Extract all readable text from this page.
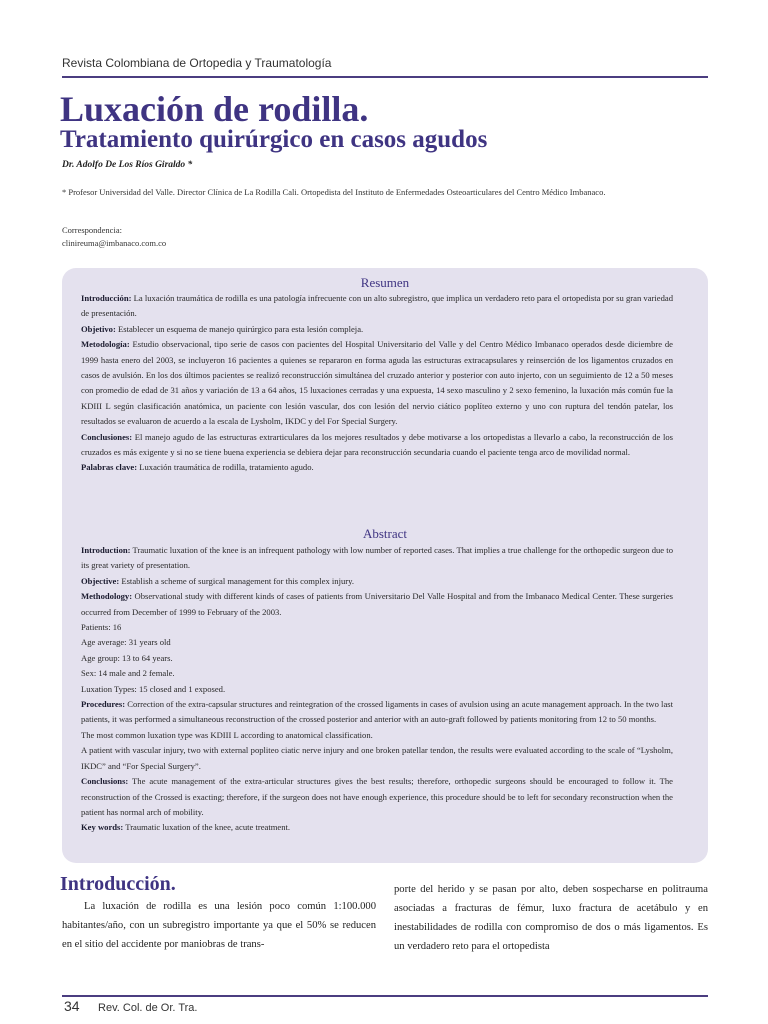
Revista Colombiana de Ortopedia y Traumatología
Luxación de rodilla.
Tratamiento quirúrgico en casos agudos
Dr. Adolfo De Los Ríos Giraldo *
* Profesor Universidad del Valle. Director Clínica de La Rodilla Cali. Ortopedista del Instituto de Enfermedades Osteoarticulares del Centro Médico Imbanaco.
Correspondencia:
clinireuma@imbanaco.com.co
Resumen

Introducción: La luxación traumática de rodilla es una patología infrecuente con un alto subregistro, que implica un verdadero reto para el ortopedista por su gran variedad de presentación.

Objetivo: Establecer un esquema de manejo quirúrgico para esta lesión compleja.

Metodología: Estudio observacional, tipo serie de casos con pacientes del Hospital Universitario del Valle y del Centro Médico Imbanaco operados desde diciembre de 1999 hasta enero del 2003, se incluyeron 16 pacientes a quienes se repararon en forma aguda las estructuras extracapsulares y reinserción de los ligamentos cruzados en casos de avulsión. En los dos últimos pacientes se realizó reconstrucción simultánea del cruzado anterior y posterior con auto injerto, con un seguimiento de 12 a 50 meses con promedio de edad de 31 años y variación de 13 a 64 años, 15 luxaciones cerradas y una expuesta, 14 sexo masculino y 2 sexo femenino, la luxación más común fue la KDIII L según clasificación anatómica, un paciente con lesión vascular, dos con lesión del nervio ciático poplíteo externo y uno con ruptura del tendón patelar, los resultados se evaluaron de acuerdo a la escala de Lysholm, IKDC y del For Special Surgery.

Conclusiones: El manejo agudo de las estructuras extrarticulares da los mejores resultados y debe motivarse a los ortopedistas a llevarlo a cabo, la reconstrucción de los cruzados es más exigente y si no se tiene buena experiencia se debiera dejar para reconstrucción secundaria cuando el paciente tenga arco de movilidad normal.

Palabras clave: Luxación traumática de rodilla, tratamiento agudo.

Abstract

Introduction: Traumatic luxation of the knee is an infrequent pathology with low number of reported cases. That implies a true challenge for the orthopedic surgeon due to its great variety of presentation.

Objective: Establish a scheme of surgical management for this complex injury.

Methodology: Observational study with different kinds of cases of patients from Universitario Del Valle Hospital and from the Imbanaco Medical Center. These surgeries occurred from December of 1999 to February of the 2003.

Patients: 16

Age average: 31 years old

Age group: 13 to 64 years.

Sex: 14 male and 2 female.

Luxation Types: 15 closed and 1 exposed.

Procedures: Correction of the extra-capsular structures and reintegration of the crossed ligaments in cases of avulsion using an acute management approach. In the two last patients, it was performed a simultaneous reconstruction of the crossed posterior and anterior with an auto-graft followed by patients monitoring from 12 to 50 months.

The most common luxation type was KDIII L according to anatomical classification.

A patient with vascular injury, two with external popliteo ciatic nerve injury and one broken patellar tendon, the results were evaluated according to the scale of “Lysholm, IKDC” and “For Special Surgery”.

Conclusions: The acute management of the extra-articular structures gives the best results; therefore, orthopedic surgeons should be encouraged to follow it. The reconstruction of the Crossed is exacting; therefore, if the surgeon does not have enough experience, this procedure should be to left for secondary reconstruction when the patient has normal arch of mobility.

Key words: Traumatic luxation of the knee, acute treatment.

Introducción.

La luxación de rodilla es una lesión poco común 1:100.000 habitantes/año, con un subregistro importante ya que el 50% se reducen en el sitio del accidente por maniobras de trans-

porte del herido y se pasan por alto, deben sospecharse en politrauma asociadas a fracturas de fémur, luxo fractura de acetábulo y en inestabilidades de rodilla con compromiso de dos o más ligamentos. Es un verdadero reto para el ortopedista

34 Rev. Col. de Or. Tra.
